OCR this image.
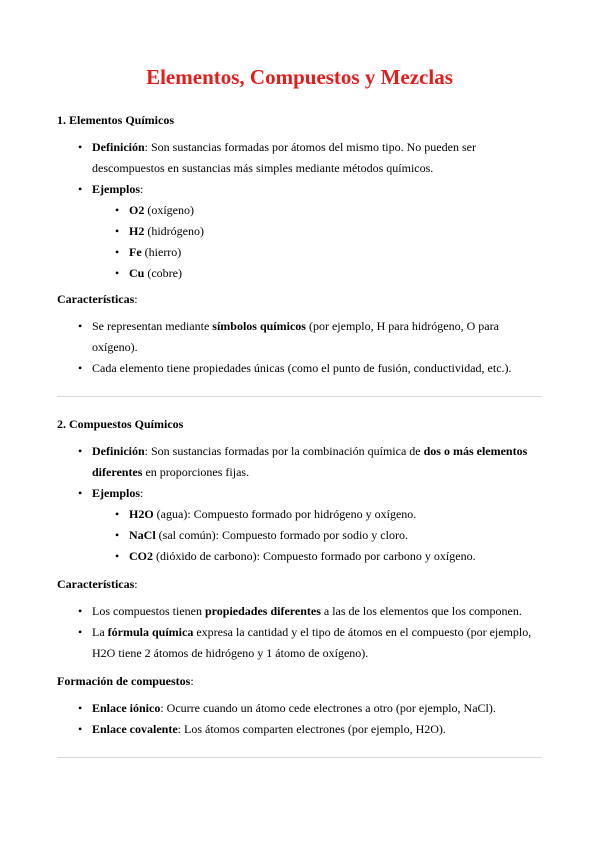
Elementos, Compuestos y Mezclas
1. Elementos Químicos
• Definición: Son sustancias formadas por átomos del mismo tipo. No pueden ser descompuestos en sustancias más simples mediante métodos químicos.
• Ejemplos:
• O2 (oxígeno)
• H2 (hidrógeno)
• Fe (hierro)
• Cu (cobre)
Características:
• Se representan mediante símbolos químicos (por ejemplo, H para hidrógeno, O para oxígeno).
• Cada elemento tiene propiedades únicas (como el punto de fusión, conductividad, etc.).
2. Compuestos Químicos
• Definición: Son sustancias formadas por la combinación química de dos o más elementos diferentes en proporciones fijas.
• Ejemplos:
• H2O (agua): Compuesto formado por hidrógeno y oxígeno.
• NaCl (sal común): Compuesto formado por sodio y cloro.
• CO2 (dióxido de carbono): Compuesto formado por carbono y oxígeno.
Características:
• Los compuestos tienen propiedades diferentes a las de los elementos que los componen.
• La fórmula química expresa la cantidad y el tipo de átomos en el compuesto (por ejemplo, H2O tiene 2 átomos de hidrógeno y 1 átomo de oxígeno).
Formación de compuestos:
• Enlace iónico: Ocurre cuando un átomo cede electrones a otro (por ejemplo, NaCl).
• Enlace covalente: Los átomos comparten electrones (por ejemplo, H2O).
